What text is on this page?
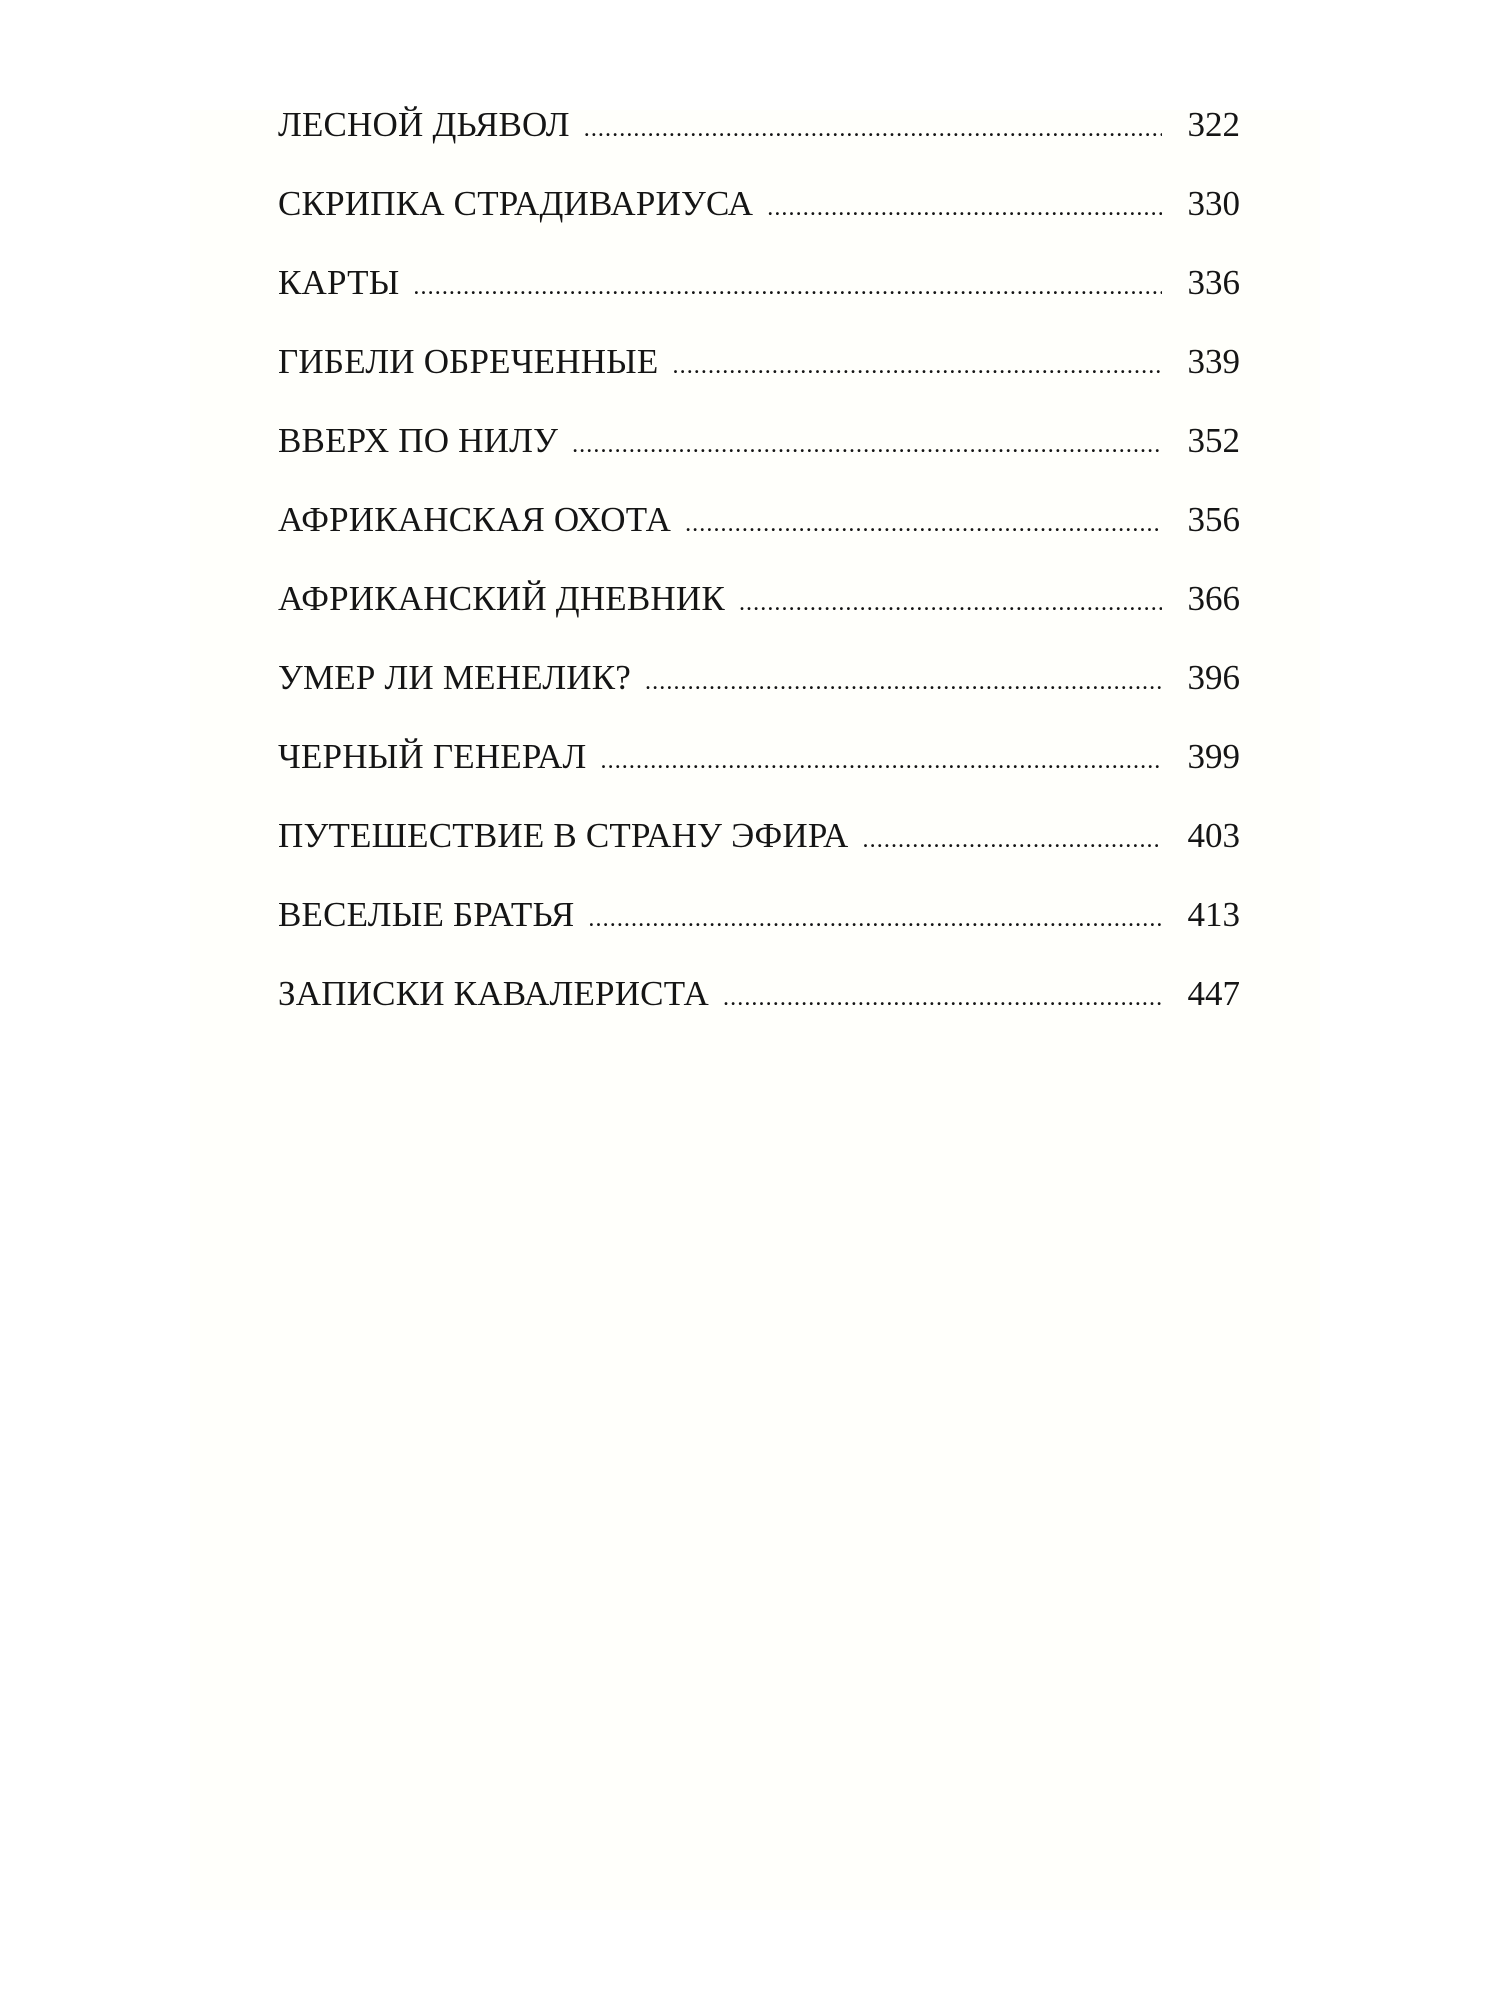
ЛЕСНОЙ ДЬЯВОЛ .....	322
СКРИПКА СТРАДИВАРИУСА .....	330
КАРТЫ .....	336
ГИБЕЛИ ОБРЕЧЕННЫЕ .....	339
ВВЕРХ ПО НИЛУ .....	352
АФРИКАНСКАЯ ОХОТА .....	356
АФРИКАНСКИЙ ДНЕВНИК .....	366
УМЕР ЛИ МЕНЕЛИК? .....	396
ЧЕРНЫЙ ГЕНЕРАЛ .....	399
ПУТЕШЕСТВИЕ В СТРАНУ ЭФИРА .....	403
ВЕСЕЛЫЕ БРАТЬЯ .....	413
ЗАПИСКИ КАВАЛЕРИСТА .....	447
